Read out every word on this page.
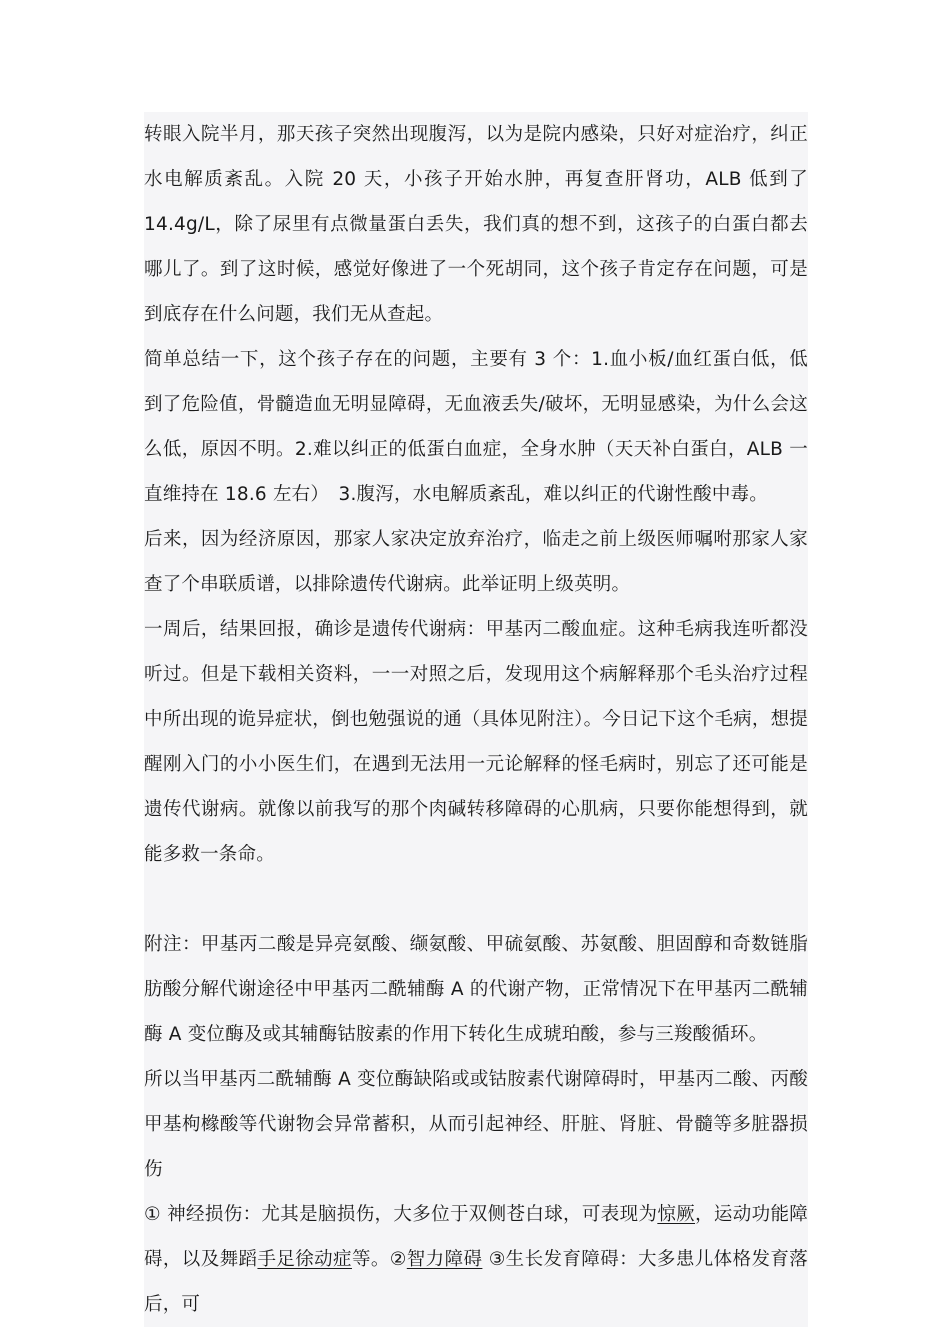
转眼入院半月，那天孩子突然出现腹泻，以为是院内感染，只好对症治疗，纠正水电解质紊乱。入院 20 天，小孩子开始水肿，再复查肝肾功，ALB 低到了 14.4g/L，除了尿里有点微量蛋白丢失，我们真的想不到，这孩子的白蛋白都去哪儿了。到了这时候，感觉好像进了一个死胡同，这个孩子肯定存在问题，可是到底存在什么问题，我们无从查起。

简单总结一下，这个孩子存在的问题，主要有 3 个：1.血小板/血红蛋白低，低到了危险值，骨髓造血无明显障碍，无血液丢失/破坏，无明显感染，为什么会这么低，原因不明。2.难以纠正的低蛋白血症，全身水肿（天天补白蛋白，ALB 一直维持在 18.6 左右）　3.腹泻，水电解质紊乱，难以纠正的代谢性酸中毒。

后来，因为经济原因，那家人家决定放弃治疗，临走之前上级医师嘱咐那家人家查了个串联质谱，以排除遗传代谢病。此举证明上级英明。

一周后，结果回报，确诊是遗传代谢病：甲基丙二酸血症。这种毛病我连听都没听过。但是下载相关资料，一一对照之后，发现用这个病解释那个毛头治疗过程中所出现的诡异症状，倒也勉强说的通（具体见附注）。今日记下这个毛病，想提醒刚入门的小小医生们，在遇到无法用一元论解释的怪毛病时，别忘了还可能是遗传代谢病。就像以前我写的那个肉碱转移障碍的心肌病，只要你能想得到，就能多救一条命。

附注：甲基丙二酸是异亮氨酸、缬氨酸、甲硫氨酸、苏氨酸、胆固醇和奇数链脂肪酸分解代谢途径中甲基丙二酰辅酶 A 的代谢产物，正常情况下在甲基丙二酰辅酶 A 变位酶及或其辅酶钴胺素的作用下转化生成琥珀酸，参与三羧酸循环。

所以当甲基丙二酰辅酶 A 变位酶缺陷或或钴胺素代谢障碍时，甲基丙二酸、丙酸甲基枸橼酸等代谢物会异常蓄积，从而引起神经、肝脏、肾脏、骨髓等多脏器损伤

① 神经损伤：尤其是脑损伤，大多位于双侧苍白球，可表现为惊厥，运动功能障碍，以及舞蹈手足徐动症等。②智力障碍 ③生长发育障碍：大多患儿体格发育落后，可
